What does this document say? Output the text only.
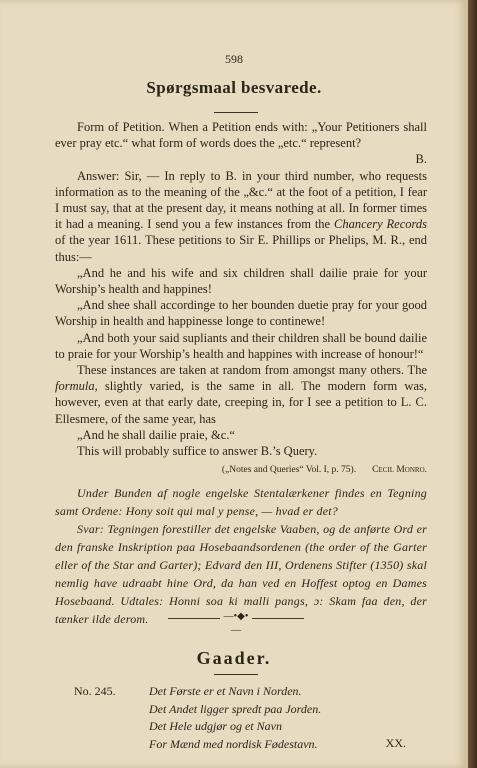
598
Spørgsmaal besvarede.

Form of Petition. When a Petition ends with: „Your Petitioners shall ever pray etc.“ what form of words does the „etc.“ represent?

B.

Answer: Sir, — In reply to B. in your third number, who requests information as to the meaning of the „&c.“ at the foot of a petition, I fear I must say, that at the present day, it means nothing at all. In former times it had a meaning. I send you a few instances from the Chancery Records of the year 1611. These petitions to Sir E. Phillips or Phelips, M. R., end thus:—

„And he and his wife and six children shall dailie praie for your Worship’s health and happines!

„And shee shall accordinge to her bounden duetie pray for your good Worship in health and happinesse longe to continewe!

„And both your said supliants and their children shall be bound dailie to praie for your Worship’s health and happines with increase of honour!“

These instances are taken at random from amongst many others. The formula, slightly varied, is the same in all. The modern form was, however, even at that early date, creeping in, for I see a petition to L. C. Ellesmere, of the same year, has

„And he shall dailie praie, &c.“

This will probably suffice to answer B.’s Query.

(„Notes and Queries“ Vol. I, p. 75). Cecil Monro.

Under Bunden af nogle engelske Stentalærkener findes en Tegning samt Ordene: Hony soit qui mal y pense, — hvad er det?

Svar: Tegningen forestiller det engelske Vaaben, og de anførte Ord er den franske Inskription paa Hosebaandsordenen (the order of the Garter eller of the Star and Garter); Edvard den III, Ordenens Stifter (1350) skal nemlig have udraabt hine Ord, da han ved en Hoffest optog en Dames Hosebaand. Udtales: Honni soa ki malli pangs, ɔ: Skam faa den, der tænker ilde derom.	—•◆•—
Gaader.
No. 245.	Det Første er et Navn i Norden.
Det Andet ligger spredt paa Jorden.
Det Hele udgjør og et Navn
For Mænd med nordisk Fødestavn.	XX.
